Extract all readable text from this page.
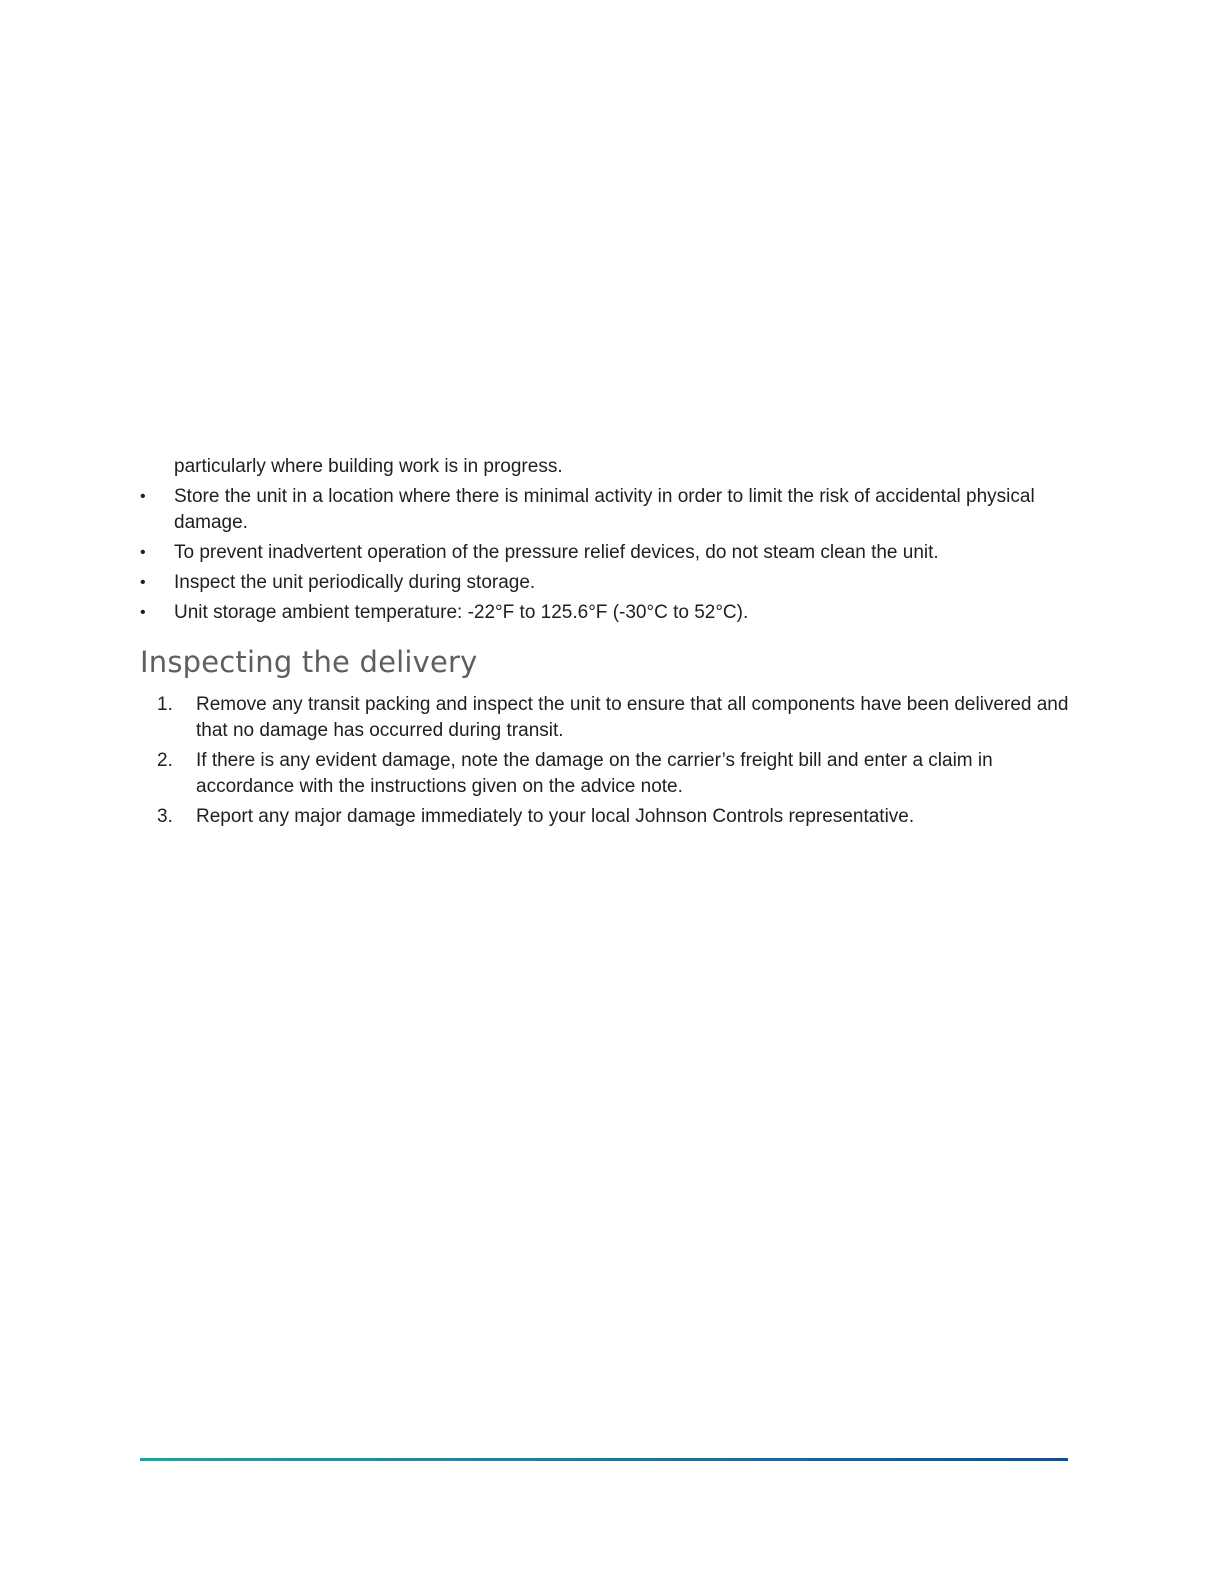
particularly where building work is in progress.

•	Store the unit in a location where there is minimal activity in order to limit the risk of accidental physical damage.
•	To prevent inadvertent operation of the pressure relief devices, do not steam clean the unit.
•	Inspect the unit periodically during storage.
•	Unit storage ambient temperature: -22°F to 125.6°F (-30°C to 52°C).
Inspecting the delivery
1. Remove any transit packing and inspect the unit to ensure that all components have been delivered and that no damage has occurred during transit.
2. If there is any evident damage, note the damage on the carrier’s freight bill and enter a claim in accordance with the instructions given on the advice note.
3. Report any major damage immediately to your local Johnson Controls representative.
